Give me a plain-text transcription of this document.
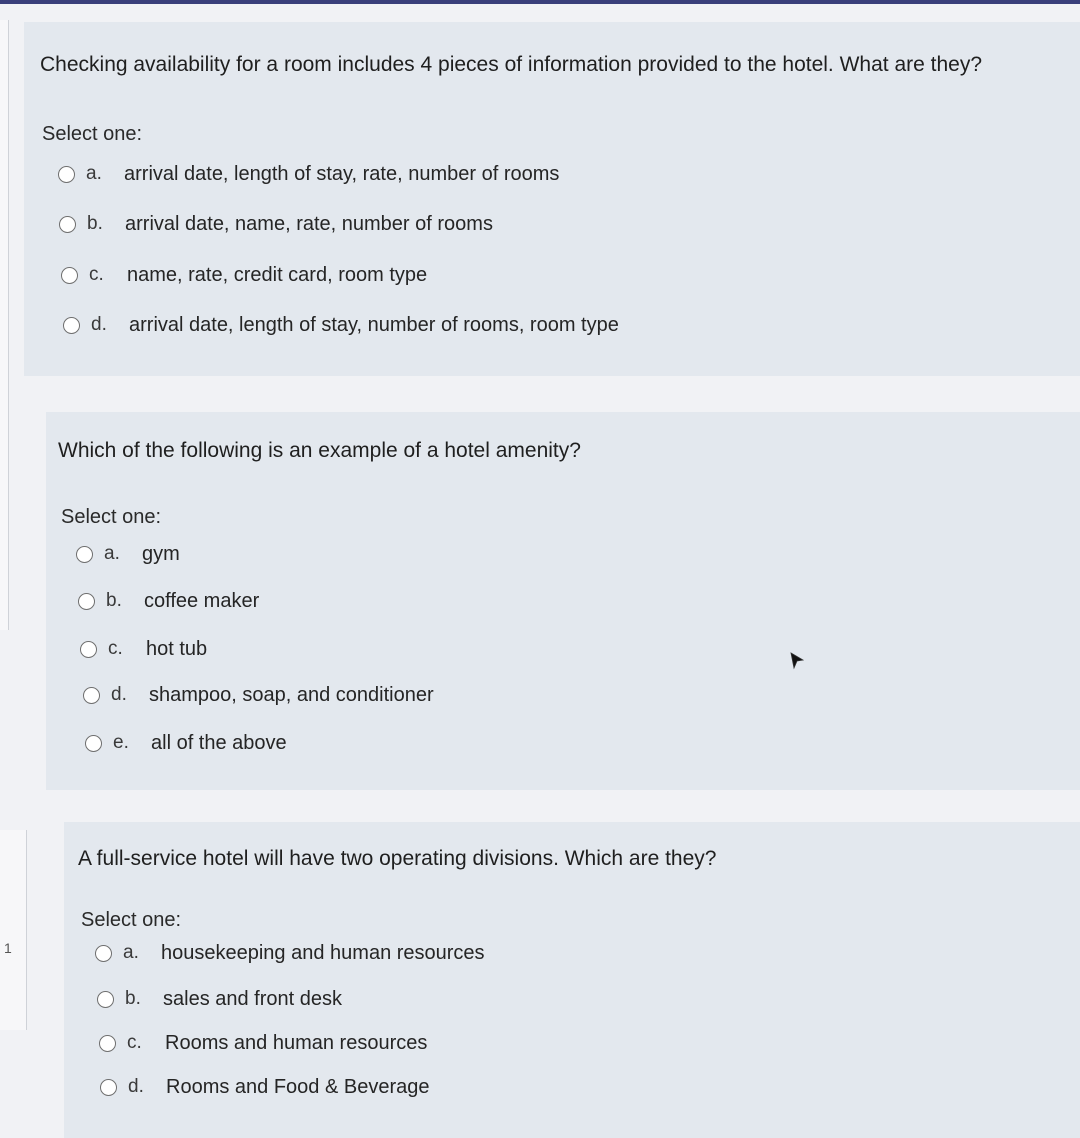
1
Checking availability for a room includes 4 pieces of information provided to the hotel. What are they?
Select one:
a.	arrival date, length of stay, rate, number of rooms
b.	arrival date, name, rate, number of rooms
c.	name, rate, credit card, room type
d.	arrival date, length of stay, number of rooms, room type
Which of the following is an example of a hotel amenity?
Select one:
a.	gym
b.	coffee maker
c.	hot tub
d.	shampoo, soap, and conditioner
e.	all of the above
A full-service hotel will have two operating divisions. Which are they?
Select one:
a.	housekeeping and human resources
b.	sales and front desk
c.	Rooms and human resources
d.	Rooms and Food & Beverage
